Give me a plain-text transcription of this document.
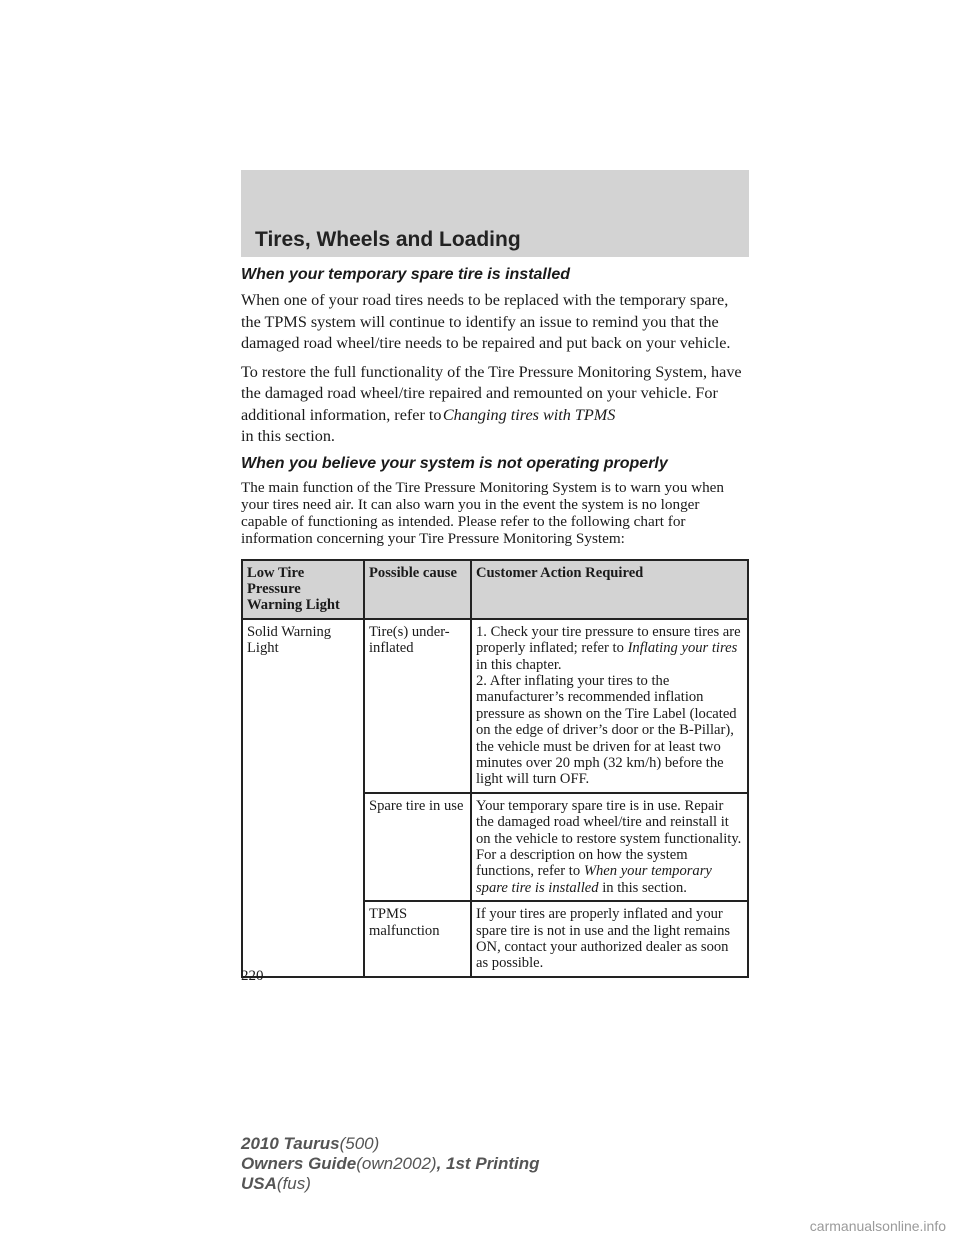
Tires, Wheels and Loading
When your temporary spare tire is installed

When one of your road tires needs to be replaced with the temporary spare, the TPMS system will continue to identify an issue to remind you that the damaged road wheel/tire needs to be repaired and put back on your vehicle.

To restore the full functionality of the Tire Pressure Monitoring System, have the damaged road wheel/tire repaired and remounted on your vehicle. For additional information, refer to Changing tires with TPMS
in this section.

When you believe your system is not operating properly

The main function of the Tire Pressure Monitoring System is to warn you when your tires need air. It can also warn you in the event the system is no longer capable of functioning as intended. Please refer to the following chart for information concerning your Tire Pressure Monitoring System:

Low Tire Pressure Warning Light	Possible cause	Customer Action Required
Solid Warning Light	Tire(s) under-inflated	1. Check your tire pressure to ensure tires are properly inflated; refer to Inflating your tires in this chapter.
2. After inflating your tires to the manufacturer’s recommended inflation pressure as shown on the Tire Label (located on the edge of driver’s door or the B-Pillar), the vehicle must be driven for at least two minutes over 20 mph (32 km/h) before the light will turn OFF.
	Spare tire in use	Your temporary spare tire is in use. Repair the damaged road wheel/tire and reinstall it on the vehicle to restore system functionality. For a description on how the system functions, refer to When your temporary spare tire is installed in this section.
	TPMS malfunction	If your tires are properly inflated and your spare tire is not in use and the light remains ON, contact your authorized dealer as soon as possible.
220
2010 Taurus(500)
Owners Guide(own2002), 1st Printing
USA(fus)
carmanualsonline.info
